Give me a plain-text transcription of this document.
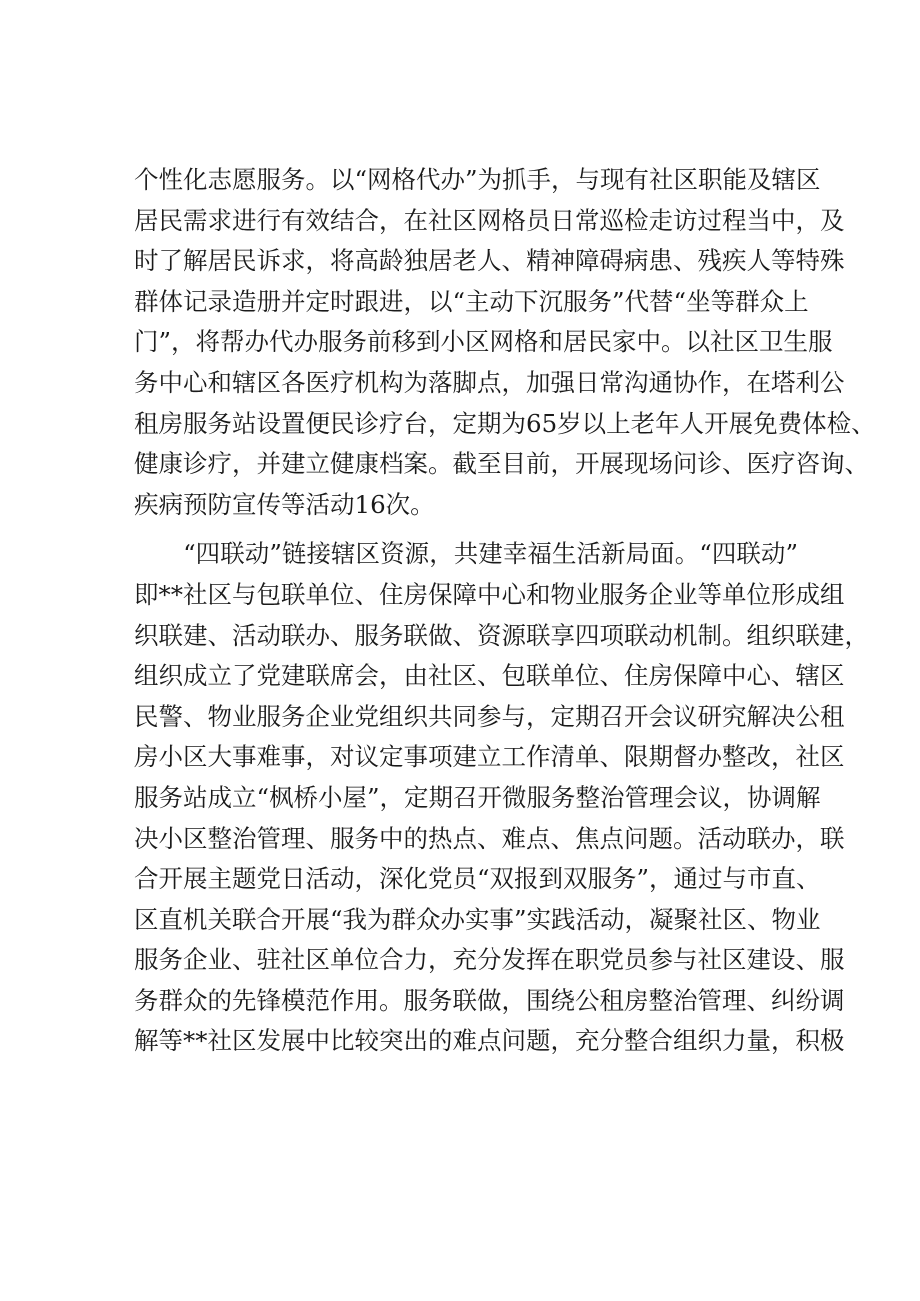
个性化志愿服务。以“网格代办”为抓手，与现有社区职能及辖区
居民需求进行有效结合，在社区网格员日常巡检走访过程当中，及
时了解居民诉求，将高龄独居老人、精神障碍病患、残疾人等特殊
群体记录造册并定时跟进，以“主动下沉服务”代替“坐等群众上
门”，将帮办代办服务前移到小区网格和居民家中。以社区卫生服
务中心和辖区各医疗机构为落脚点，加强日常沟通协作，在塔利公
租房服务站设置便民诊疗台，定期为65岁以上老年人开展免费体检、
健康诊疗，并建立健康档案。截至目前，开展现场问诊、医疗咨询、
疾病预防宣传等活动16次。
　　“四联动”链接辖区资源，共建幸福生活新局面。“四联动”
即**社区与包联单位、住房保障中心和物业服务企业等单位形成组
织联建、活动联办、服务联做、资源联享四项联动机制。组织联建，
组织成立了党建联席会，由社区、包联单位、住房保障中心、辖区
民警、物业服务企业党组织共同参与，定期召开会议研究解决公租
房小区大事难事，对议定事项建立工作清单、限期督办整改，社区
服务站成立“枫桥小屋”，定期召开微服务整治管理会议，协调解
决小区整治管理、服务中的热点、难点、焦点问题。活动联办，联
合开展主题党日活动，深化党员“双报到双服务”，通过与市直、
区直机关联合开展“我为群众办实事”实践活动，凝聚社区、物业
服务企业、驻社区单位合力，充分发挥在职党员参与社区建设、服
务群众的先锋模范作用。服务联做，围绕公租房整治管理、纠纷调
解等**社区发展中比较突出的难点问题，充分整合组织力量，积极
